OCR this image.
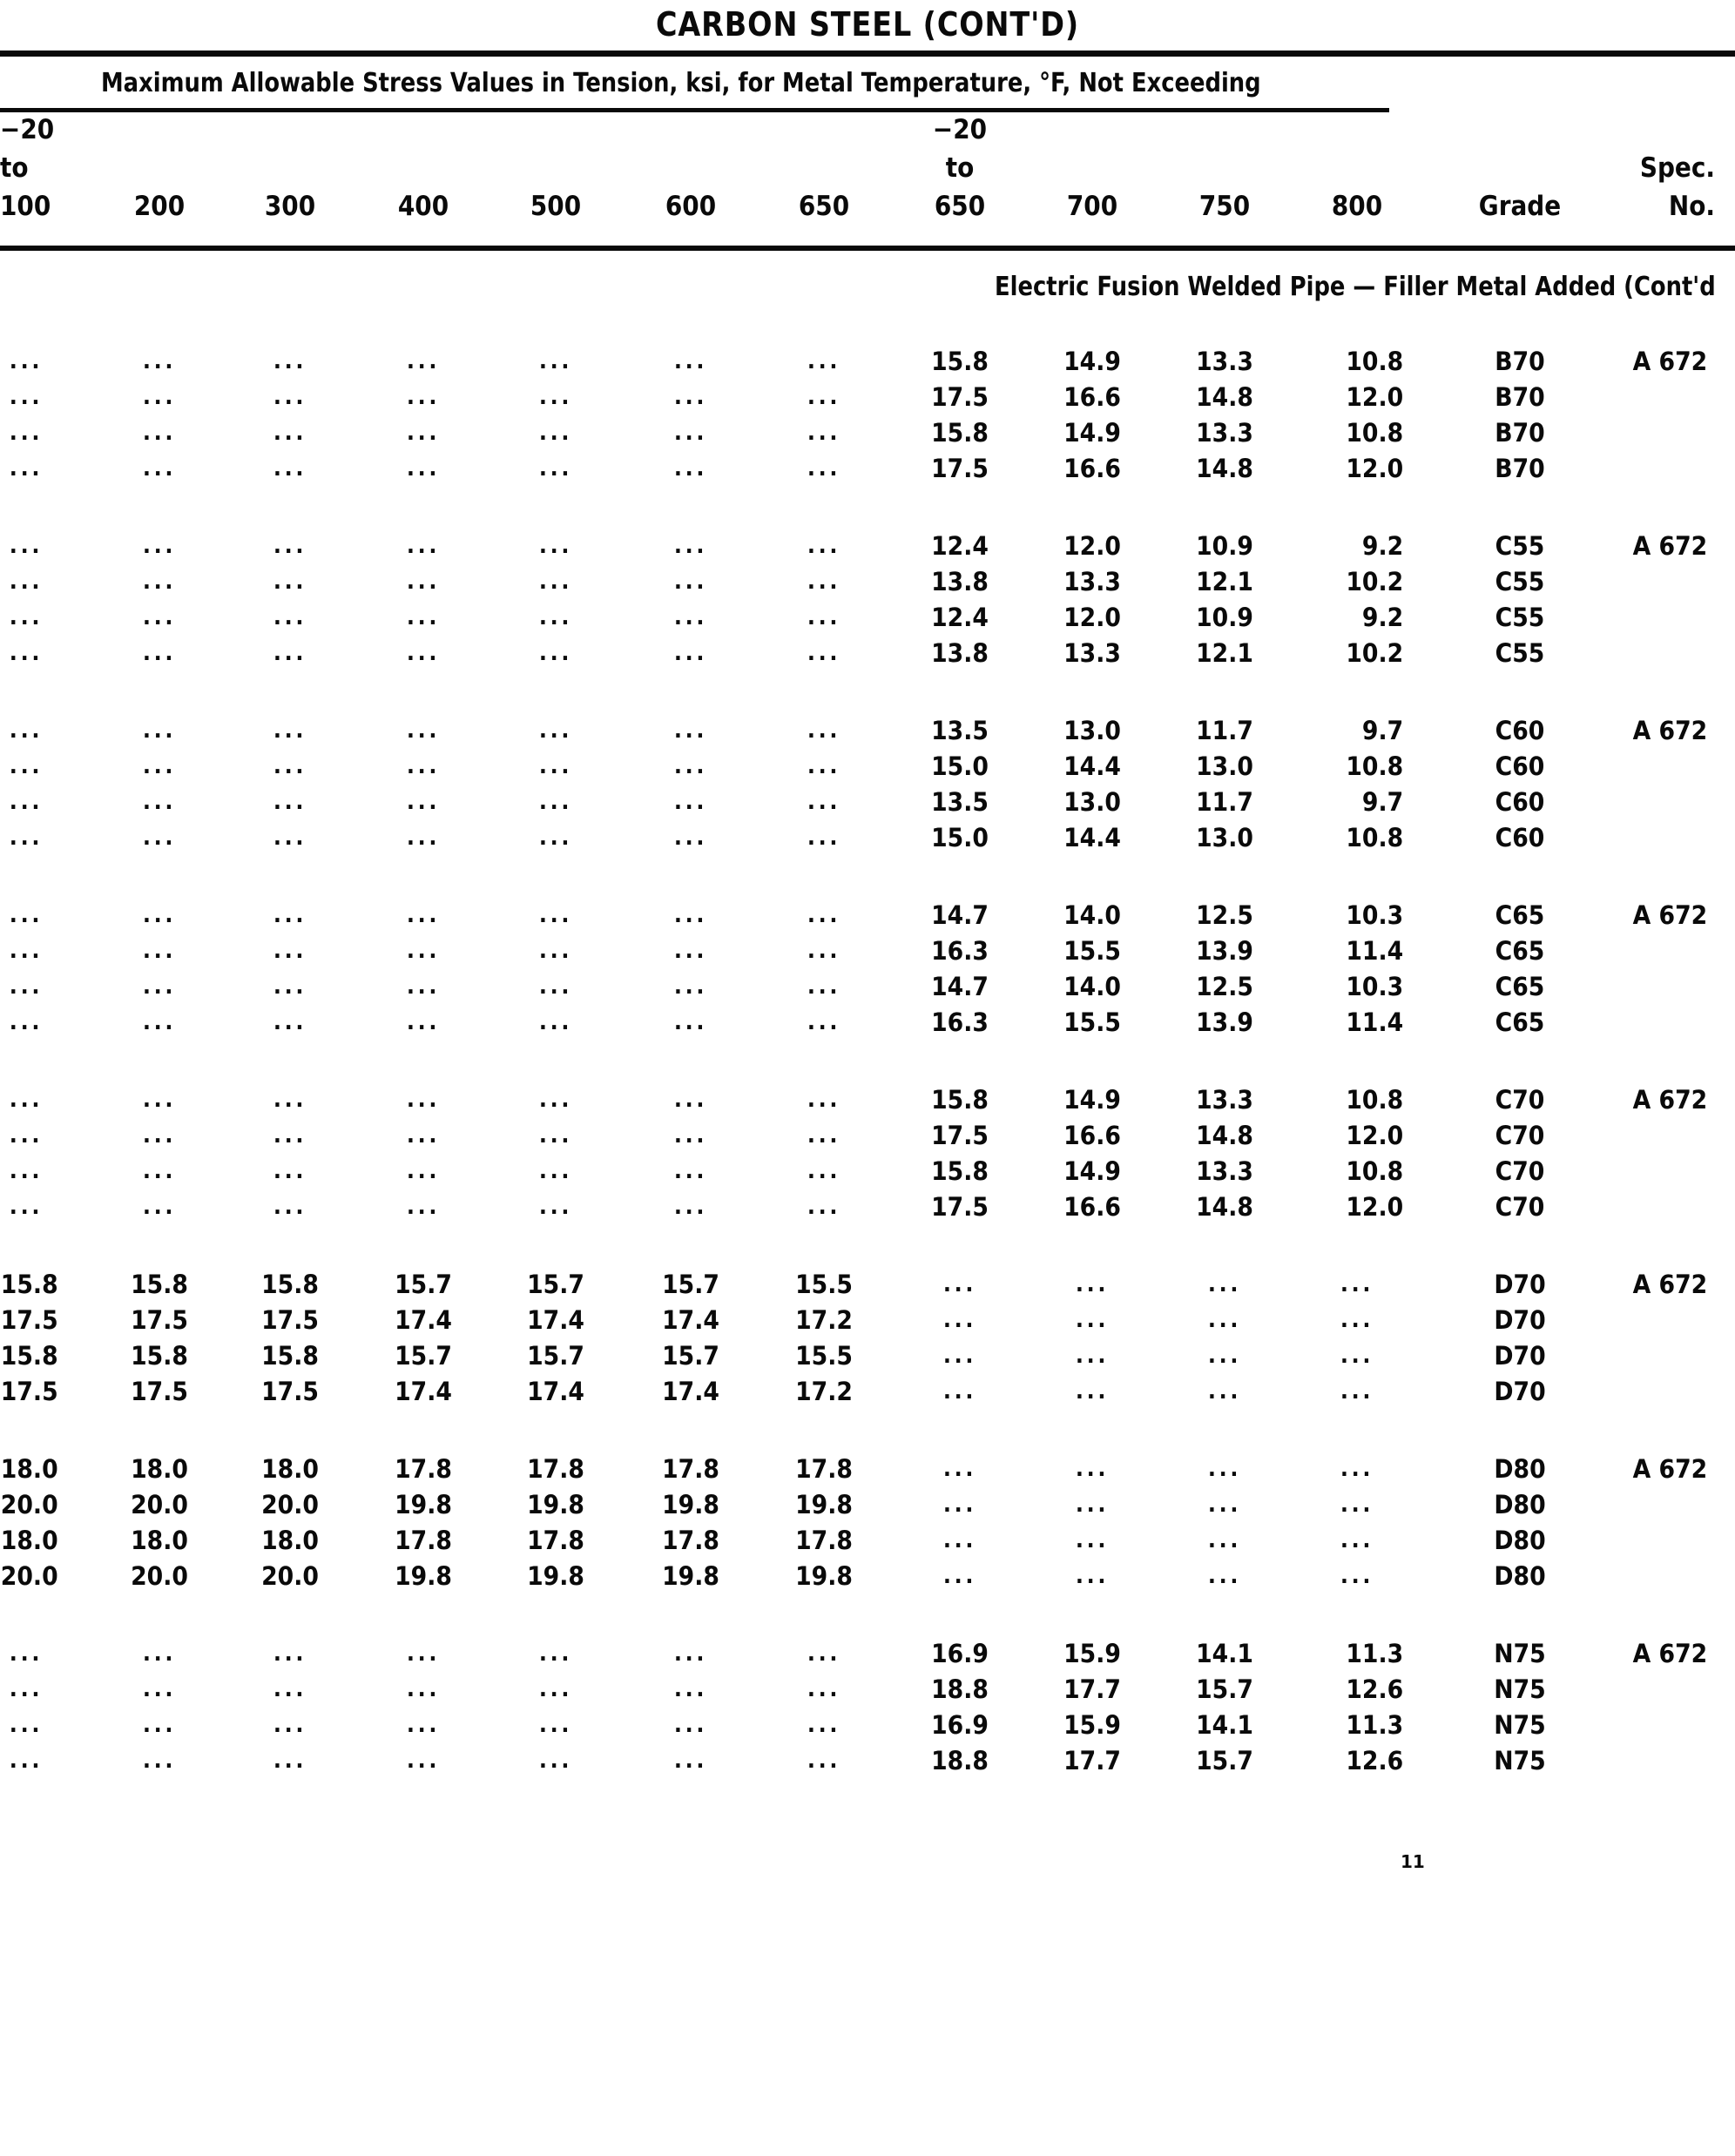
CARBON STEEL (CONT'D)
Maximum Allowable Stress Values in Tension, ksi, for Metal Temperature, °F, Not Exceeding
−20
to
100	200	300	400	500	600	650
−20
to
650	700	750	800	Grade
Spec.
No.
Electric Fusion Welded Pipe — Filler Metal Added (Cont'd
...	...	...	...	...	...	...	15.8	14.9	13.3	10.8	B70	A 672
...	...	...	...	...	...	...	17.5	16.6	14.8	12.0	B70
...	...	...	...	...	...	...	15.8	14.9	13.3	10.8	B70
...	...	...	...	...	...	...	17.5	16.6	14.8	12.0	B70
...	...	...	...	...	...	...	12.4	12.0	10.9	9.2	C55	A 672
...	...	...	...	...	...	...	13.8	13.3	12.1	10.2	C55
...	...	...	...	...	...	...	12.4	12.0	10.9	9.2	C55
...	...	...	...	...	...	...	13.8	13.3	12.1	10.2	C55
...	...	...	...	...	...	...	13.5	13.0	11.7	9.7	C60	A 672
...	...	...	...	...	...	...	15.0	14.4	13.0	10.8	C60
...	...	...	...	...	...	...	13.5	13.0	11.7	9.7	C60
...	...	...	...	...	...	...	15.0	14.4	13.0	10.8	C60
...	...	...	...	...	...	...	14.7	14.0	12.5	10.3	C65	A 672
...	...	...	...	...	...	...	16.3	15.5	13.9	11.4	C65
...	...	...	...	...	...	...	14.7	14.0	12.5	10.3	C65
...	...	...	...	...	...	...	16.3	15.5	13.9	11.4	C65
...	...	...	...	...	...	...	15.8	14.9	13.3	10.8	C70	A 672
...	...	...	...	...	...	...	17.5	16.6	14.8	12.0	C70
...	...	...	...	...	...	...	15.8	14.9	13.3	10.8	C70
...	...	...	...	...	...	...	17.5	16.6	14.8	12.0	C70
15.8	15.8	15.8	15.7	15.7	15.7	15.5	...	...	...	...	D70	A 672
17.5	17.5	17.5	17.4	17.4	17.4	17.2	...	...	...	...	D70
15.8	15.8	15.8	15.7	15.7	15.7	15.5	...	...	...	...	D70
17.5	17.5	17.5	17.4	17.4	17.4	17.2	...	...	...	...	D70
18.0	18.0	18.0	17.8	17.8	17.8	17.8	...	...	...	...	D80	A 672
20.0	20.0	20.0	19.8	19.8	19.8	19.8	...	...	...	...	D80
18.0	18.0	18.0	17.8	17.8	17.8	17.8	...	...	...	...	D80
20.0	20.0	20.0	19.8	19.8	19.8	19.8	...	...	...	...	D80
...	...	...	...	...	...	...	16.9	15.9	14.1	11.3	N75	A 672
...	...	...	...	...	...	...	18.8	17.7	15.7	12.6	N75
...	...	...	...	...	...	...	16.9	15.9	14.1	11.3	N75
...	...	...	...	...	...	...	18.8	17.7	15.7	12.6	N75
11
